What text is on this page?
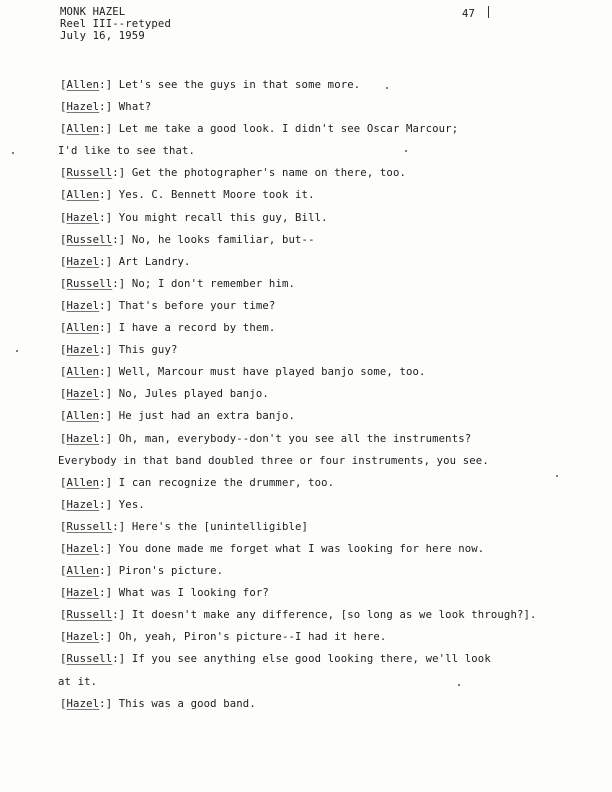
MONK HAZEL
Reel III--retyped
July 16, 1959
47
[Allen:] Let's see the guys in that some more.
[Hazel:] What?
[Allen:] Let me take a good look. I didn't see Oscar Marcour;
I'd like to see that.
[Russell:] Get the photographer's name on there, too.
[Allen:] Yes. C. Bennett Moore took it.
[Hazel:] You might recall this guy, Bill.
[Russell:] No, he looks familiar, but--
[Hazel:] Art Landry.
[Russell:] No; I don't remember him.
[Hazel:] That's before your time?
[Allen:] I have a record by them.
[Hazel:] This guy?
[Allen:] Well, Marcour must have played banjo some, too.
[Hazel:] No, Jules played banjo.
[Allen:] He just had an extra banjo.
[Hazel:] Oh, man, everybody--don't you see all the instruments?
Everybody in that band doubled three or four instruments, you see.
[Allen:] I can recognize the drummer, too.
[Hazel:] Yes.
[Russell:] Here's the [unintelligible]
[Hazel:] You done made me forget what I was looking for here now.
[Allen:] Piron's picture.
[Hazel:] What was I looking for?
[Russell:] It doesn't make any difference, [so long as we look through?].
[Hazel:] Oh, yeah, Piron's picture--I had it here.
[Russell:] If you see anything else good looking there, we'll look
at it.
[Hazel:] This was a good band.
